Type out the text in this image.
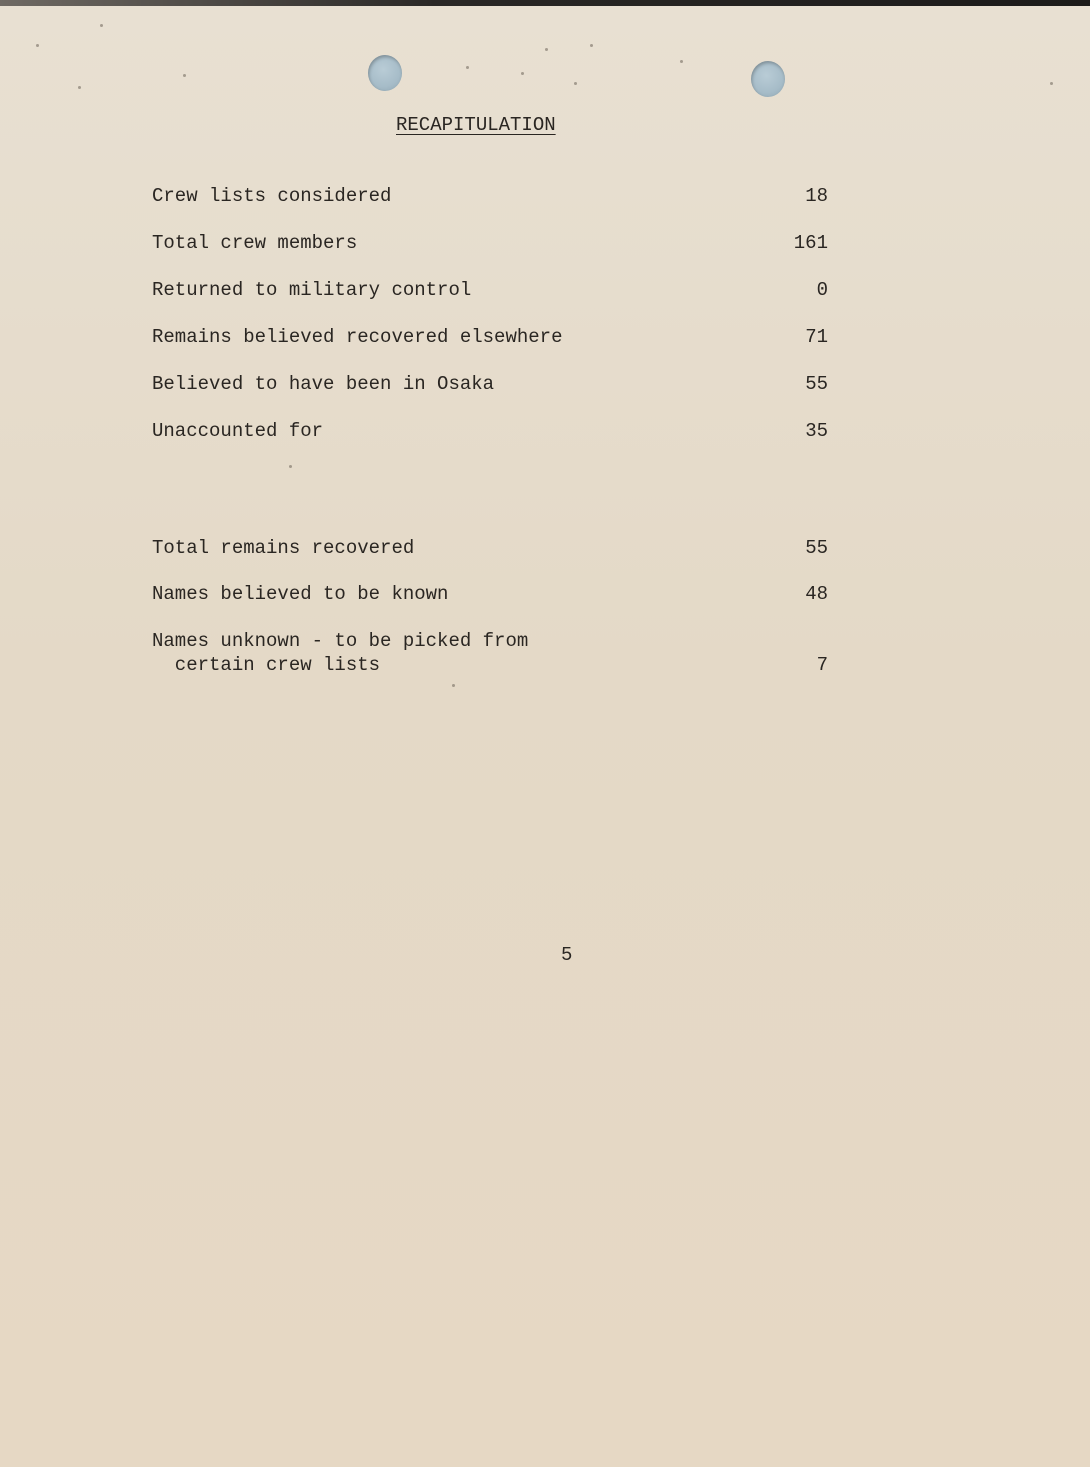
RECAPITULATION
Crew lists considered	18
Total crew members	161
Returned to military control	0
Remains believed recovered elsewhere	71
Believed to have been in Osaka	55
Unaccounted for	35
Total remains recovered	55
Names believed to be known	48
Names unknown - to be picked from
certain crew lists	7
5
